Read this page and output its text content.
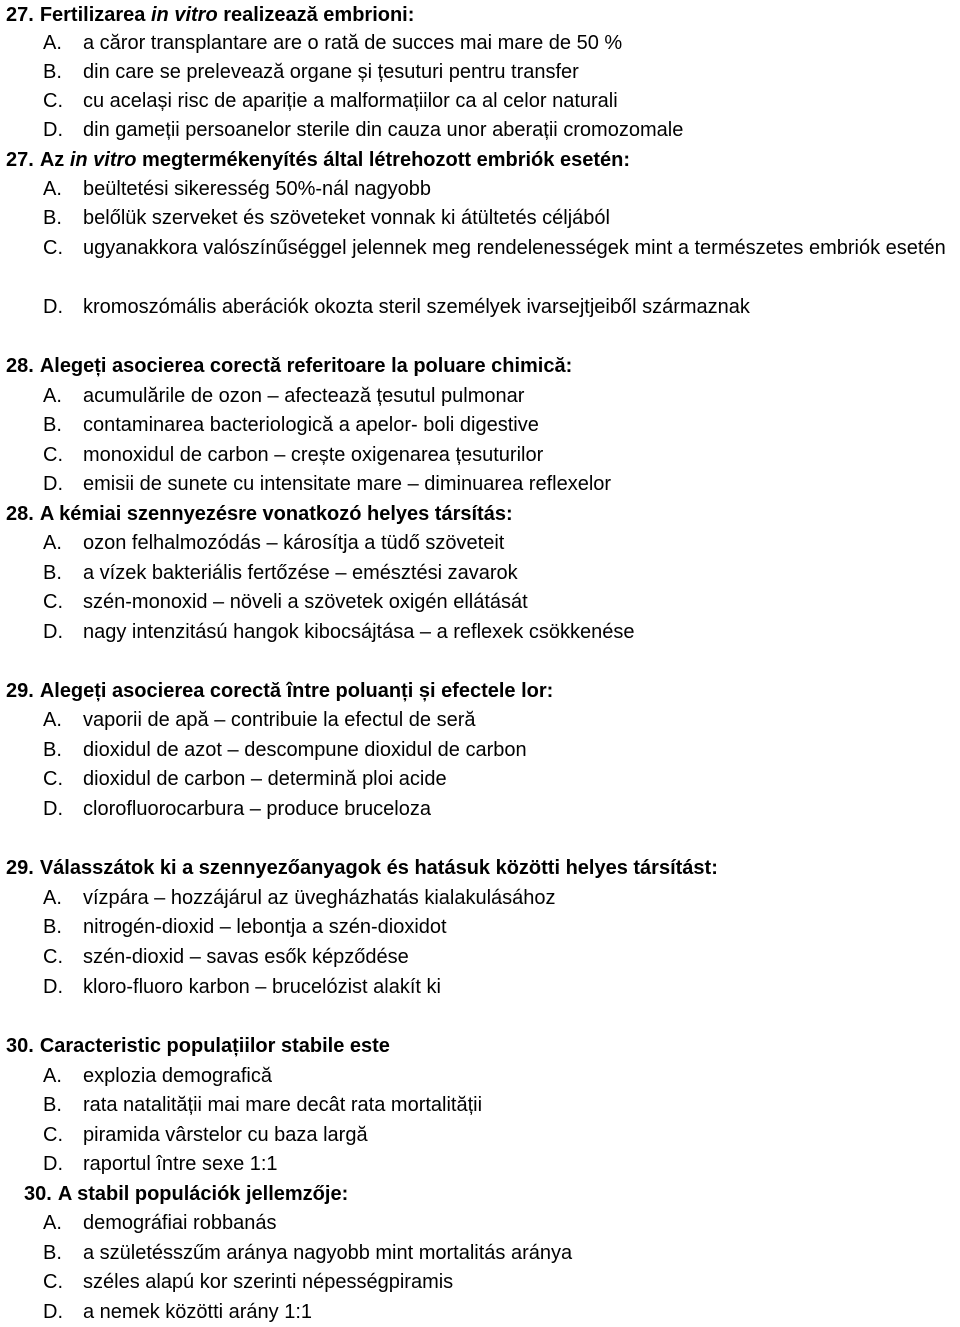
27. Fertilizarea in vitro realizează embrioni:
A.	a căror transplantare are o rată de succes mai mare de 50 %
B.	din care se prelevează organe și țesuturi pentru transfer
C.	cu același risc de apariție a malformațiilor ca al celor naturali
D.	din gameții persoanelor sterile din cauza unor aberații cromozomale
27. Az in vitro megtermékenyítés által létrehozott embriók esetén:
A.	beültetési sikeresség 50%-nál nagyobb
B.	belőlük szerveket és szöveteket vonnak ki átültetés céljából
C.	ugyanakkora valószínűséggel jelennek meg rendelenességek mint a természetes embriók esetén
D.	kromoszómális aberációk okozta steril személyek ivarsejtjeiből származnak
28. Alegeți asocierea corectă referitoare la poluare chimică:
A.	acumulările de ozon – afectează țesutul pulmonar
B.	contaminarea bacteriologică a apelor- boli digestive
C.	monoxidul de carbon – crește oxigenarea țesuturilor
D.	emisii de sunete cu intensitate mare – diminuarea reflexelor
28. A kémiai szennyezésre vonatkozó helyes társítás:
A.	ozon felhalmozódás – károsítja a tüdő szöveteit
B.	a vízek bakteriális fertőzése – emésztési zavarok
C.	szén-monoxid – növeli a szövetek oxigén ellátását
D.	nagy intenzitású hangok kibocsájtása – a reflexek csökkenése
29. Alegeți asocierea corectă între poluanți și efectele lor:
A.	vaporii de apă – contribuie la efectul de seră
B.	dioxidul de azot – descompune dioxidul de carbon
C.	dioxidul de carbon – determină ploi acide
D.	clorofluorocarbura – produce bruceloza
29. Válasszátok ki a szennyezőanyagok és hatásuk közötti helyes társítást:
A.	vízpára – hozzájárul az üvegházhatás kialakulásához
B.	nitrogén-dioxid – lebontja a szén-dioxidot
C.	szén-dioxid – savas esők képződése
D.	kloro-fluoro karbon – brucelózist alakít ki
30. Caracteristic populațiilor stabile este
A.	explozia demografică
B.	rata natalității mai mare decât rata mortalității
C.	piramida vârstelor cu baza largă
D.	raportul între sexe 1:1
30. A stabil populációk jellemzője:
A.	demográfiai robbanás
B.	a születésszűm aránya nagyobb mint mortalitás aránya
C.	széles alapú kor szerinti népességpiramis
D.	a nemek közötti arány 1:1
